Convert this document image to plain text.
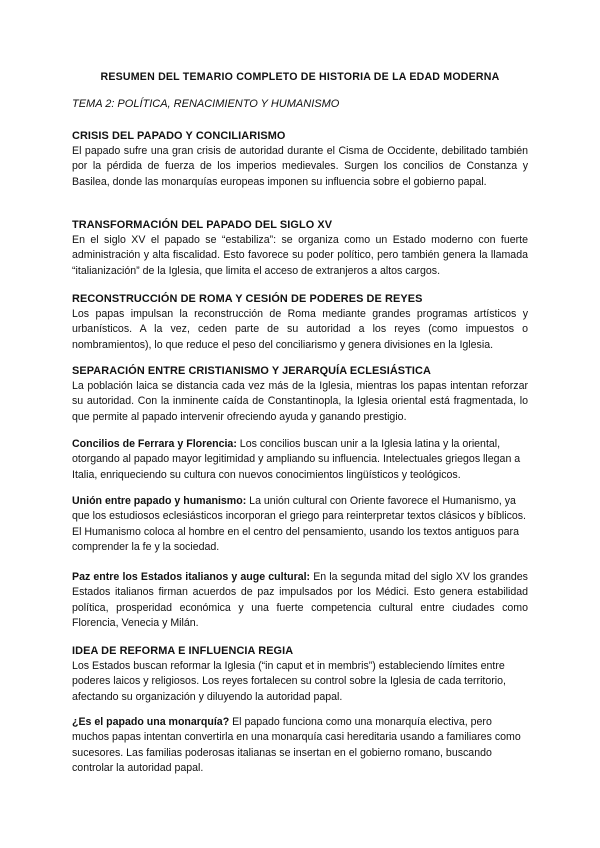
RESUMEN DEL TEMARIO COMPLETO DE HISTORIA DE LA EDAD MODERNA
TEMA 2: POLÍTICA, RENACIMIENTO Y HUMANISMO
CRISIS DEL PAPADO Y CONCILIARISMO

El papado sufre una gran crisis de autoridad durante el Cisma de Occidente, debilitado también por la pérdida de fuerza de los imperios medievales. Surgen los concilios de Constanza y Basilea, donde las monarquías europeas imponen su influencia sobre el gobierno papal.

TRANSFORMACIÓN DEL PAPADO DEL SIGLO XV

En el siglo XV el papado se “estabiliza”: se organiza como un Estado moderno con fuerte administración y alta fiscalidad. Esto favorece su poder político, pero también genera la llamada “italianización” de la Iglesia, que limita el acceso de extranjeros a altos cargos.

RECONSTRUCCIÓN DE ROMA Y CESIÓN DE PODERES DE REYES

Los papas impulsan la reconstrucción de Roma mediante grandes programas artísticos y urbanísticos. A la vez, ceden parte de su autoridad a los reyes (como impuestos o nombramientos), lo que reduce el peso del conciliarismo y genera divisiones en la Iglesia.

SEPARACIÓN ENTRE CRISTIANISMO Y JERARQUÍA ECLESIÁSTICA

La población laica se distancia cada vez más de la Iglesia, mientras los papas intentan reforzar su autoridad. Con la inminente caída de Constantinopla, la Iglesia oriental está fragmentada, lo que permite al papado intervenir ofreciendo ayuda y ganando prestigio.

Concilios de Ferrara y Florencia: Los concilios buscan unir a la Iglesia latina y la oriental, otorgando al papado mayor legitimidad y ampliando su influencia. Intelectuales griegos llegan a Italia, enriqueciendo su cultura con nuevos conocimientos lingüísticos y teológicos.

Unión entre papado y humanismo: La unión cultural con Oriente favorece el Humanismo, ya que los estudiosos eclesiásticos incorporan el griego para reinterpretar textos clásicos y bíblicos. El Humanismo coloca al hombre en el centro del pensamiento, usando los textos antiguos para comprender la fe y la sociedad.

Paz entre los Estados italianos y auge cultural: En la segunda mitad del siglo XV los grandes Estados italianos firman acuerdos de paz impulsados por los Médici. Esto genera estabilidad política, prosperidad económica y una fuerte competencia cultural entre ciudades como Florencia, Venecia y Milán.

IDEA DE REFORMA E INFLUENCIA REGIA

Los Estados buscan reformar la Iglesia (“in caput et in membris”) estableciendo límites entre poderes laicos y religiosos. Los reyes fortalecen su control sobre la Iglesia de cada territorio, afectando su organización y diluyendo la autoridad papal.

¿Es el papado una monarquía? El papado funciona como una monarquía electiva, pero muchos papas intentan convertirla en una monarquía casi hereditaria usando a familiares como sucesores. Las familias poderosas italianas se insertan en el gobierno romano, buscando controlar la autoridad papal.
